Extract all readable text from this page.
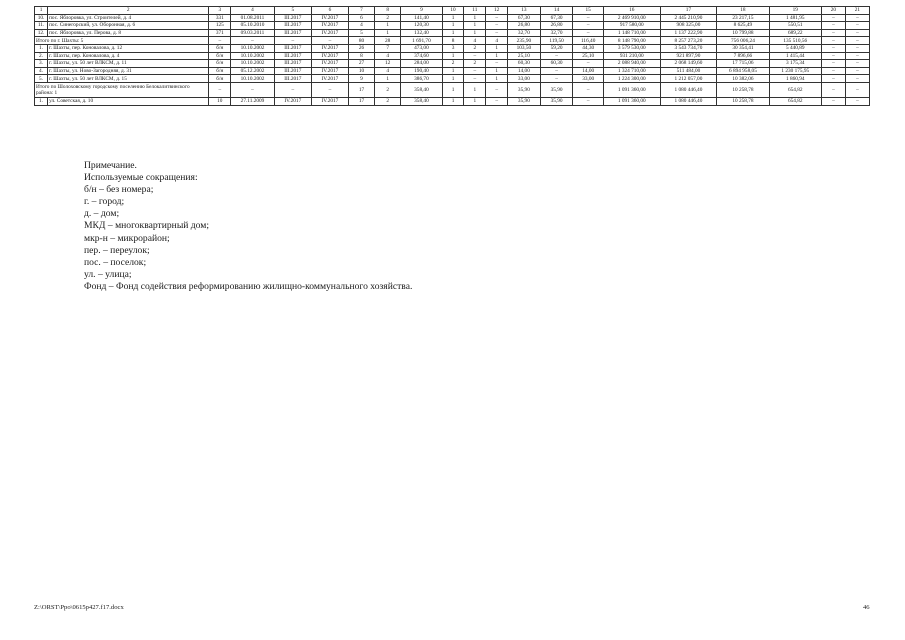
1	2	3	4	5	6	7	8	9	10	11	12	13	14	15	16	17	18	19	20	21
10.	пос. Яблоровка, ул. Строителей, д. 4	331	01.08.2011	III.2017	IV.2017	6	2	141,40	1	1	–	67,30	67,30	–	2 469 910,00	2 445 210,90	23 217,15	1 481,95	–	–
11.	пос. Синегорский, ул. Оборонная, д. 6	125	05.10.2010	III.2017	IV.2017	4	1	120,30	1	1	–	26,80	26,80	–	917 580,00	908 325,00	8 625,49	550,51	–	–
12.	пос. Яблоровка, ул. Перова, д. 8	371	09.03.2011	III.2017	IV.2017	5	1	132,40	1	1	–	32,70	32,70	–	1 148 710,00	1 137 222,90	10 799,88	689,22	–	–
Итого по г. Шахты: 5		–	–	–	–	80	28	1 691,70	8	4	4	235,90	119,50	116,40	8 148 790,00	8 257 273,20	756 006,24	135 510,56	–	–
1.	г. Шахты, пер. Коновалова, д. 12	б/н	10.10.2002	III.2017	IV.2017	26	7	473,00	3	2	1	103,50	59,20	44,30	3 579 530,00	3 543 734,70	30 354,41	5 440,89	–	–
2.	г. Шахты, пер. Коновалова, д. 4	б/н	10.10.2002	III.2017	IV.2017	8	4	374,60	1	–	1	25,10	–	25,10	931 210,00	921 897,90	7 896,66	1 415,44	–	–
3.	г. Шахты, ул. 50 лет ВЛКСМ, д. 11	б/н	10.10.2002	III.2017	IV.2017	27	12	284,00	2	2	–	60,30	60,30	–	2 088 940,00	2 068 149,60	17 715,06	3 175,34	–	–
4.	г. Шахты, ул. Ново-Загородняя, д. 31	б/н	05.12.2002	III.2017	IV.2017	10	4	190,40	1	–	1	14,00	–	14,00	1 324 710,00	511 484,00	6 894 958,05	1 230 175,95	–	–
5.	г. Шахты, ул. 50 лет ВЛКСМ, д. 15	б/н	10.10.2002	III.2017	IV.2017	9	1	386,70	1	–	1	33,00	–	33,00	1 224 300,00	1 212 057,00	10 382,06	1 860,94	–	–
Итого по Шолоховскому городскому поселению Белокалитвинского района: 1		–	–	–	–	17	2	358,40	1	1	–	35,90	35,90	–	1 091 360,00	1 080 446,40	10 258,78	654,82	–	–
1.	ул. Советская, д. 10	10	27.11.2009	IV.2017	IV.2017	17	2	358,40	1	1	–	35,90	35,90	–	1 091 360,00	1 080 446,40	10 258,78	654,82	–	–
Примечание.
Используемые сокращения:
б/н – без номера;
г. – город;
д. – дом;
МКД – многоквартирный дом;
мкр-н – микрорайон;
пер. – переулок;
пос. – поселок;
ул. – улица;
Фонд – Фонд содействия реформированию жилищно-коммунального хозяйства.
Z:\ORST\Ppo\0615p427.f17.docx	46
